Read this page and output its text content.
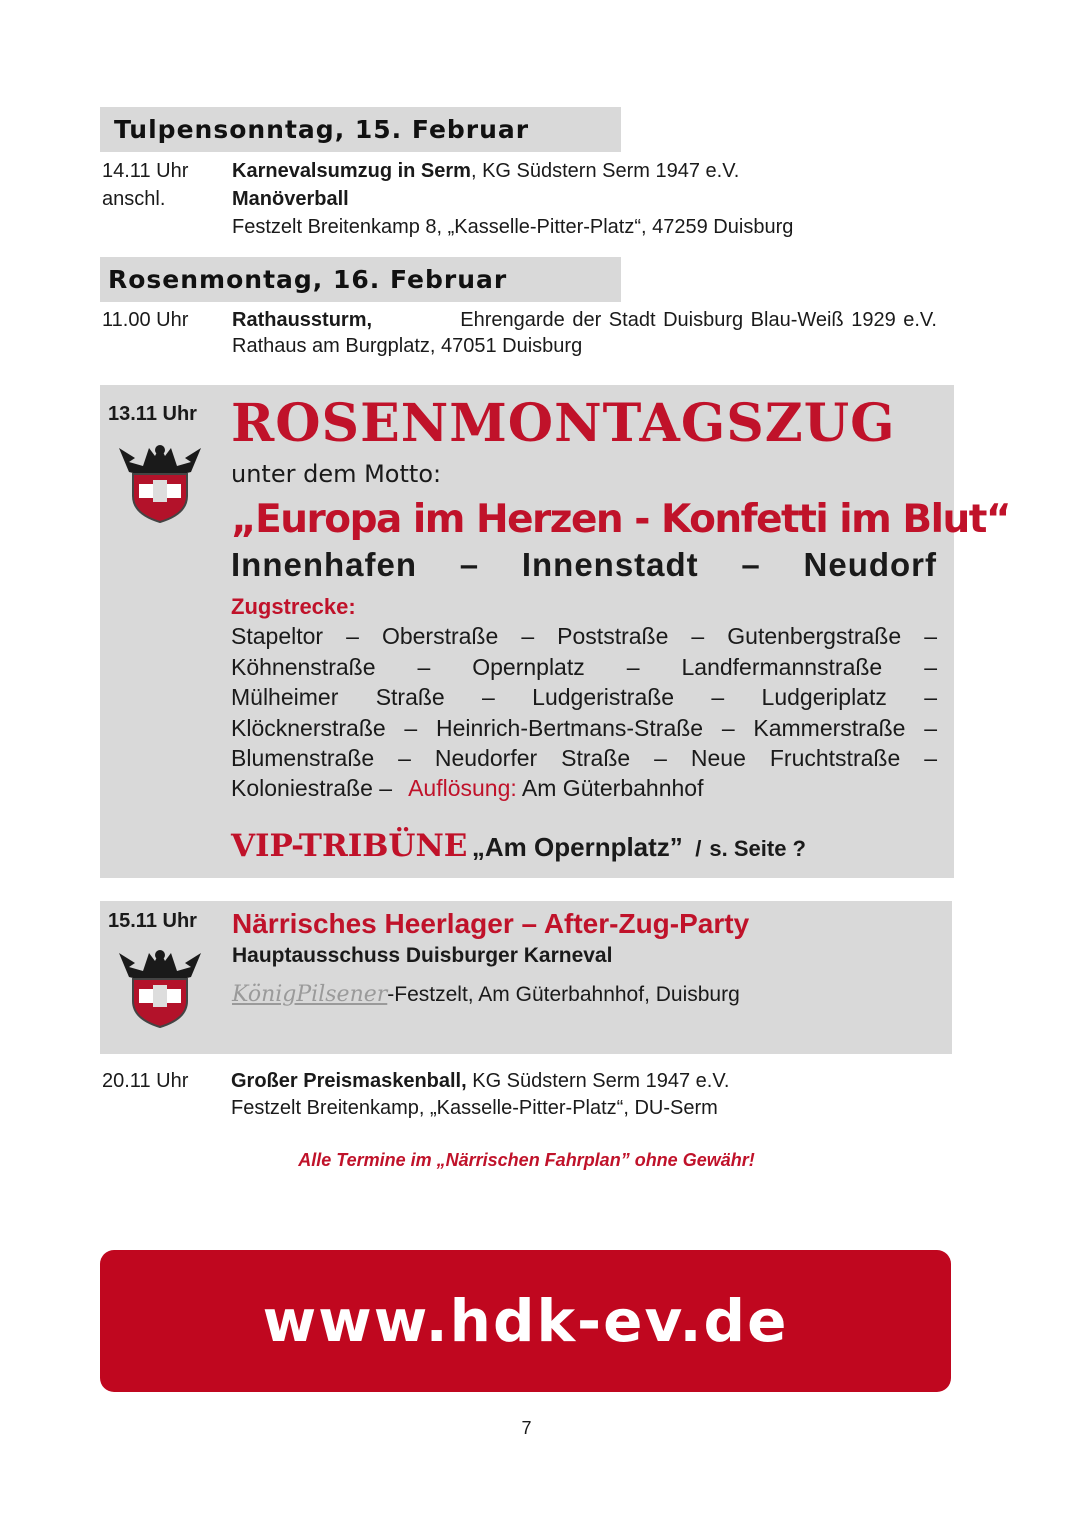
Tulpensonntag, 15. Februar
14.11 Uhr Karnevalsumzug in Serm, KG Südstern Serm 1947 e.V.
anschl.	Manöverball
Festzelt Breitenkamp 8, „Kasselle-Pitter-Platz“, 47259 Duisburg
Rosenmontag, 16. Februar
11.00 Uhr Rathaussturm,	Ehrengarde der Stadt Duisburg Blau-Weiß 1929 e.V.
Rathaus am Burgplatz, 47051 Duisburg
13.11 Uhr ROSENMONTAGSZUG
unter dem Motto:
„Europa im Herzen - Konfetti im Blut“
Innenhafen – Innenstadt – Neudorf
Zugstrecke:
Stapeltor – Oberstraße – Poststraße – Gutenbergstraße –
Köhnenstraße – Opernplatz – Landfermannstraße –
Mülheimer Straße – Ludgeristraße – Ludgeriplatz –
Klöcknerstraße – Heinrich-Bertmans-Straße – Kammerstraße –
Blumenstraße – Neudorfer Straße – Neue Fruchtstraße –
Koloniestraße – Auflösung: Am Güterbahnhof
VIP-TRIBÜNE „Am Opernplatz” / s. Seite ?
15.11 Uhr Närrisches Heerlager – After-Zug-Party
Hauptausschuss Duisburger Karneval
KönigPilsener-Festzelt, Am Güterbahnhof, Duisburg
20.11 Uhr Großer Preismaskenball, KG Südstern Serm 1947 e.V.
Festzelt Breitenkamp, „Kasselle-Pitter-Platz“, DU-Serm
Alle Termine im „Närrischen Fahrplan” ohne Gewähr!
www.hdk-ev.de
7
